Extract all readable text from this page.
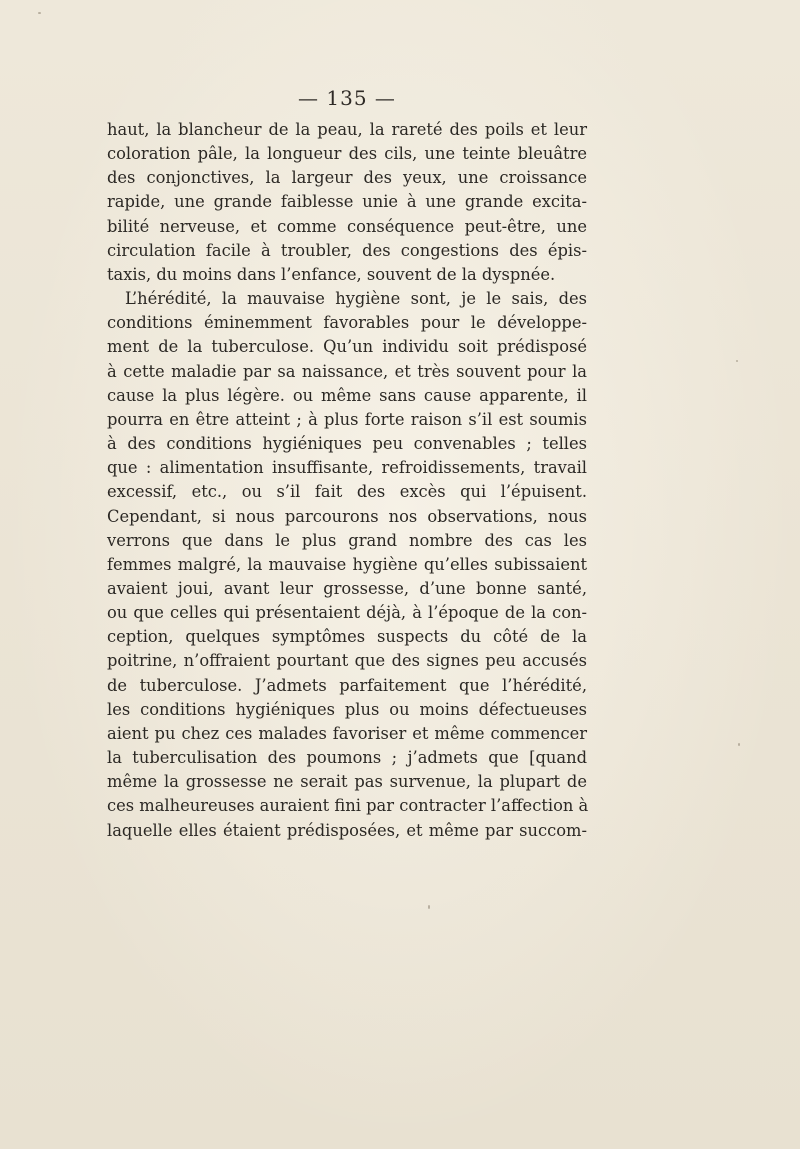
— 135 —
haut, la blancheur de la peau, la rareté des poils et leur
coloration pâle, la longueur des cils, une teinte bleuâtre
des conjonctives, la largeur des yeux, une croissance
rapide, une grande faiblesse unie à une grande excita-
bilité nerveuse, et comme conséquence peut-être, une
circulation facile à troubler, des congestions des épis-
taxis, du moins dans l’enfance, souvent de la dyspnée.
L’hérédité, la mauvaise hygiène sont, je le sais, des
conditions éminemment favorables pour le développe-
ment de la tuberculose. Qu’un individu soit prédisposé
à cette maladie par sa naissance, et très souvent pour la
cause la plus légère. ou même sans cause apparente, il
pourra en être atteint ; à plus forte raison s’il est soumis
à des conditions hygiéniques peu convenables ; telles
que : alimentation insuffisante, refroidissements, travail
excessif, etc., ou s’il fait des excès qui l’épuisent.
Cependant, si nous parcourons nos observations, nous
verrons que dans le plus grand nombre des cas les
femmes malgré, la mauvaise hygiène qu’elles subissaient
avaient joui, avant leur grossesse, d’une bonne santé,
ou que celles qui présentaient déjà, à l’époque de la con-
ception, quelques symptômes suspects du côté de la
poitrine, n’offraient pourtant que des signes peu accusés
de tuberculose. J’admets parfaitement que l’hérédité,
les conditions hygiéniques plus ou moins défectueuses
aient pu chez ces malades favoriser et même commencer
la tuberculisation des poumons ; j’admets que [quand
même la grossesse ne serait pas survenue, la plupart de
ces malheureuses auraient fini par contracter l’affection à
laquelle elles étaient prédisposées, et même par succom-
